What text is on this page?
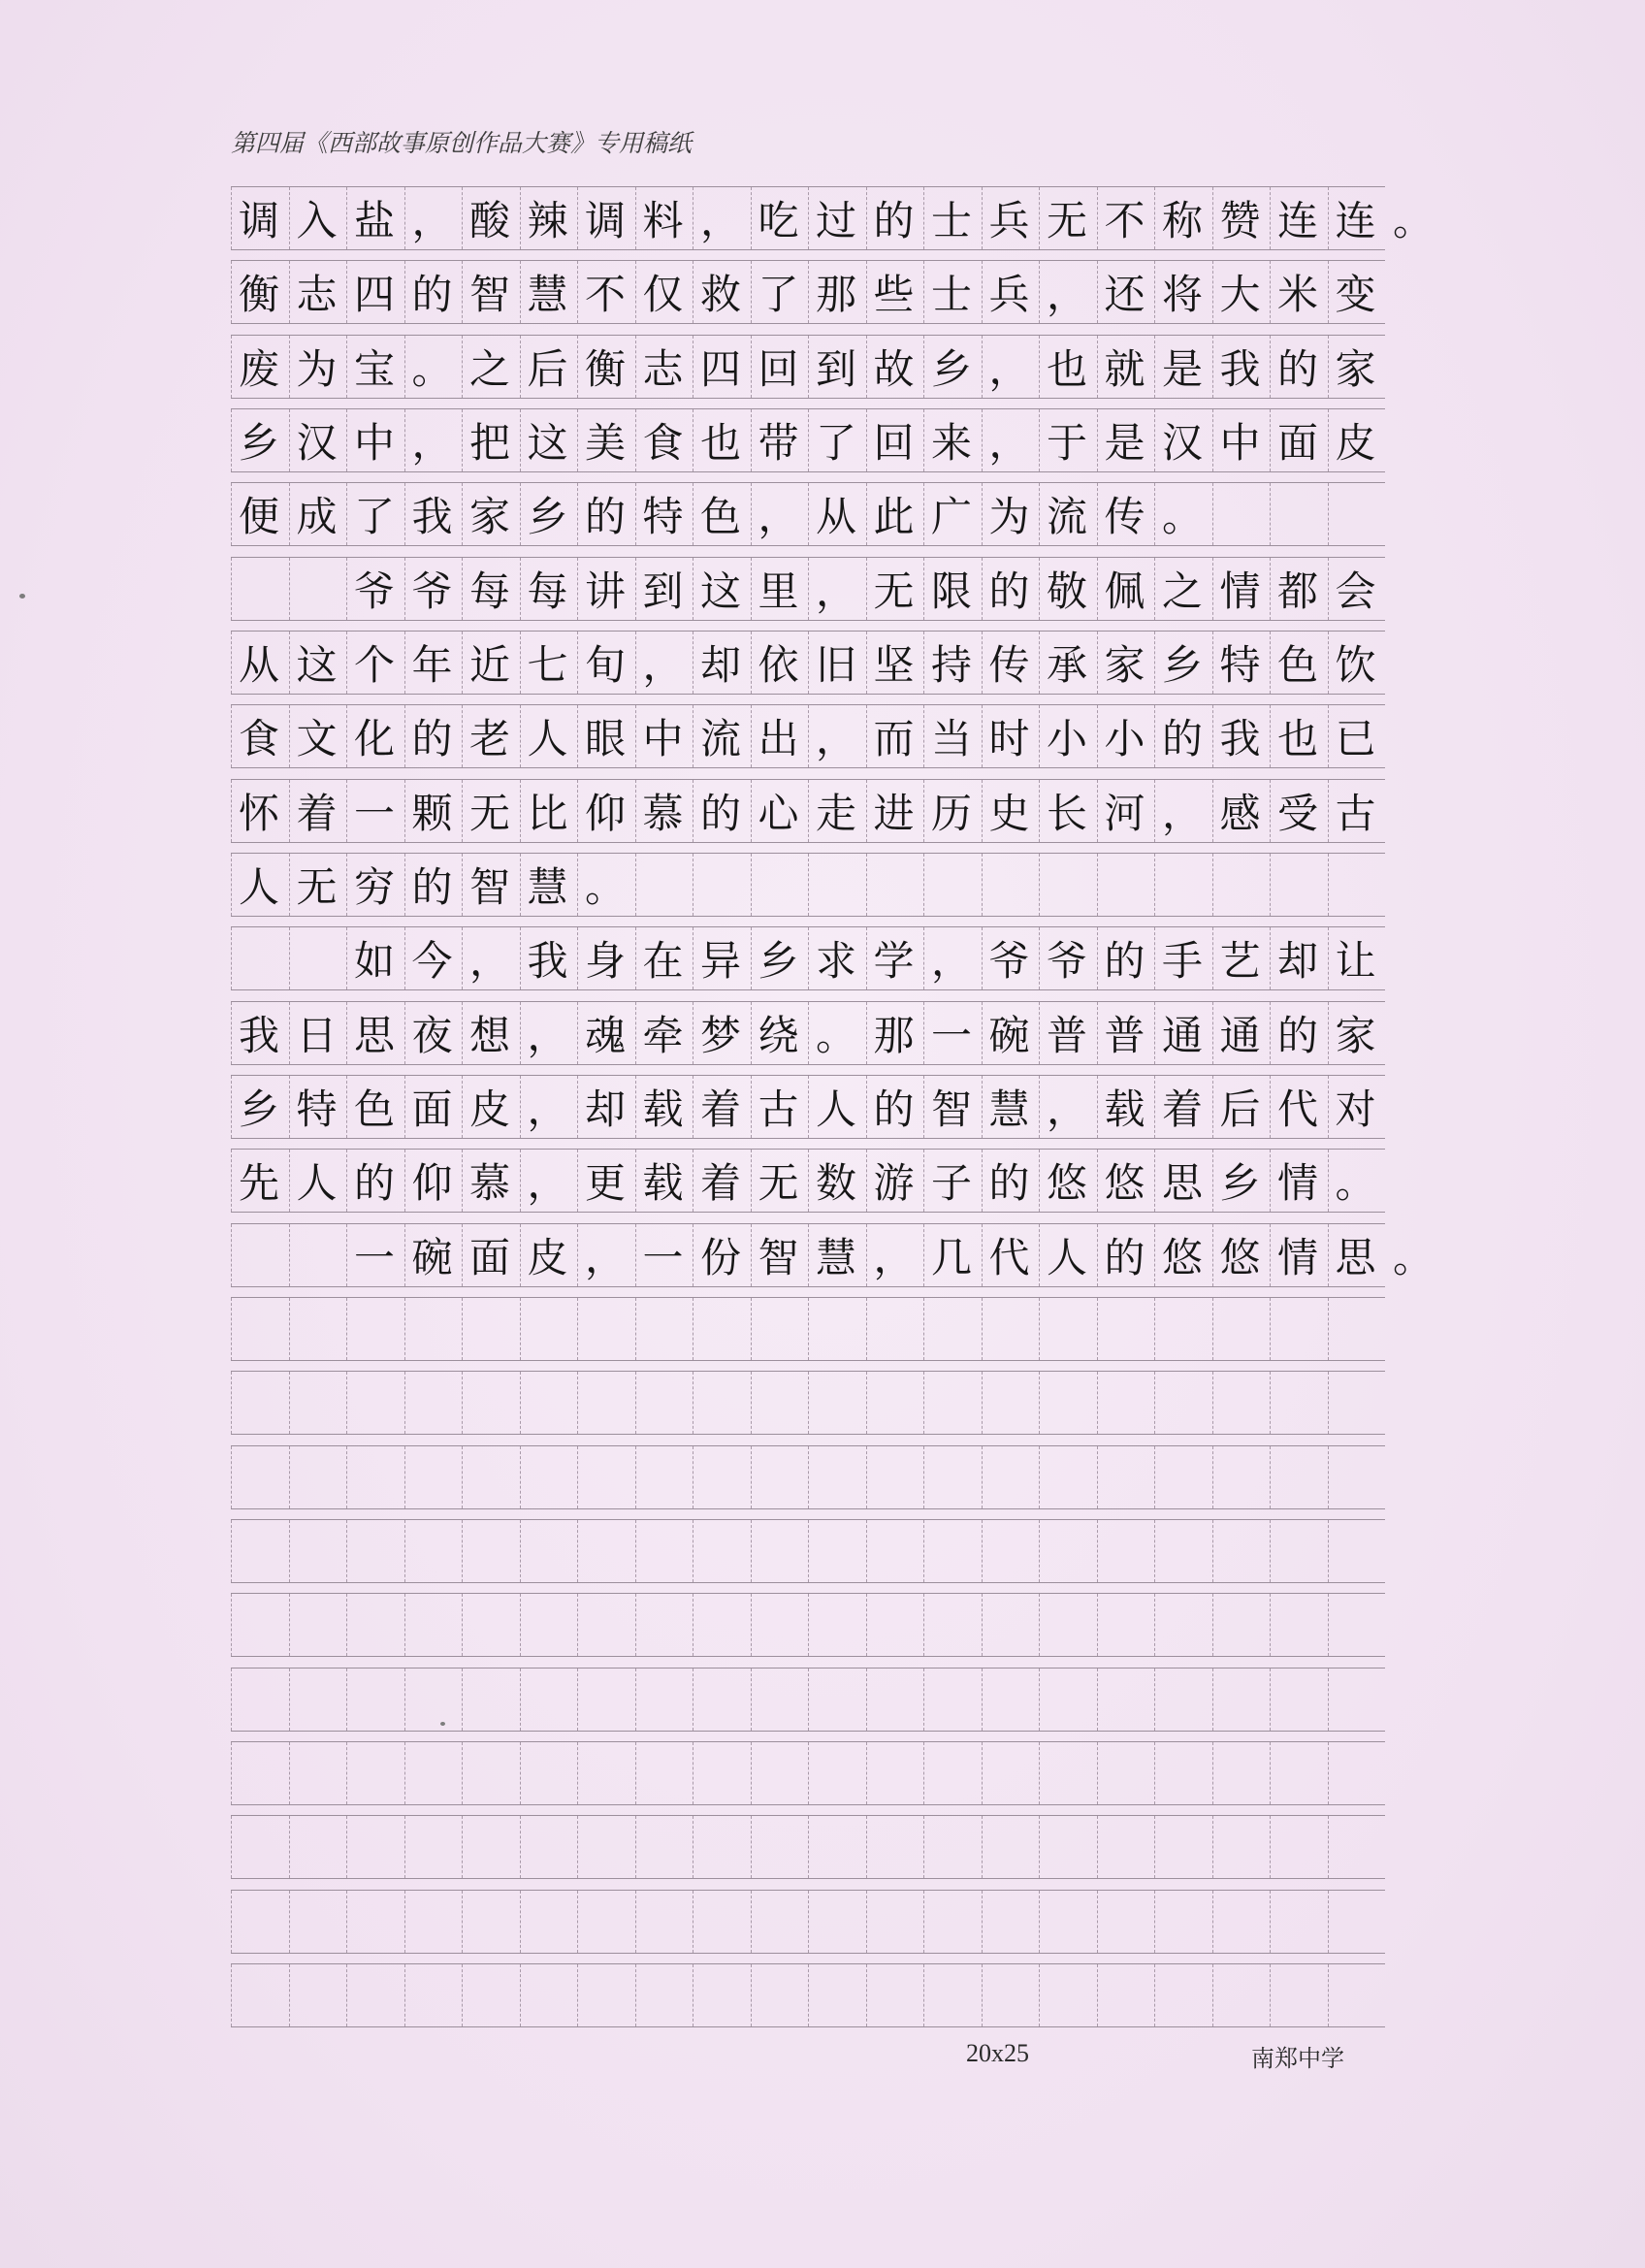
第四届《西部故事原创作品大赛》专用稿纸
调入盐，酸辣调料，吃过的士兵无不称赞连连。
衡志四的智慧不仅救了那些士兵，还将大米变
废为宝。之后衡志四回到故乡，也就是我的家
乡汉中，把这美食也带了回来，于是汉中面皮
便成了我家乡的特色，从此广为流传。
爷爷每每讲到这里，无限的敬佩之情都会
从这个年近七旬，却依旧坚持传承家乡特色饮
食文化的老人眼中流出，而当时小小的我也已
怀着一颗无比仰慕的心走进历史长河，感受古
人无穷的智慧。
如今，我身在异乡求学，爷爷的手艺却让
我日思夜想，魂牵梦绕。那一碗普普通通的家
乡特色面皮，却载着古人的智慧，载着后代对
先人的仰慕，更载着无数游子的悠悠思乡情。
一碗面皮，一份智慧，几代人的悠悠情思。
20x25	南郑中学
